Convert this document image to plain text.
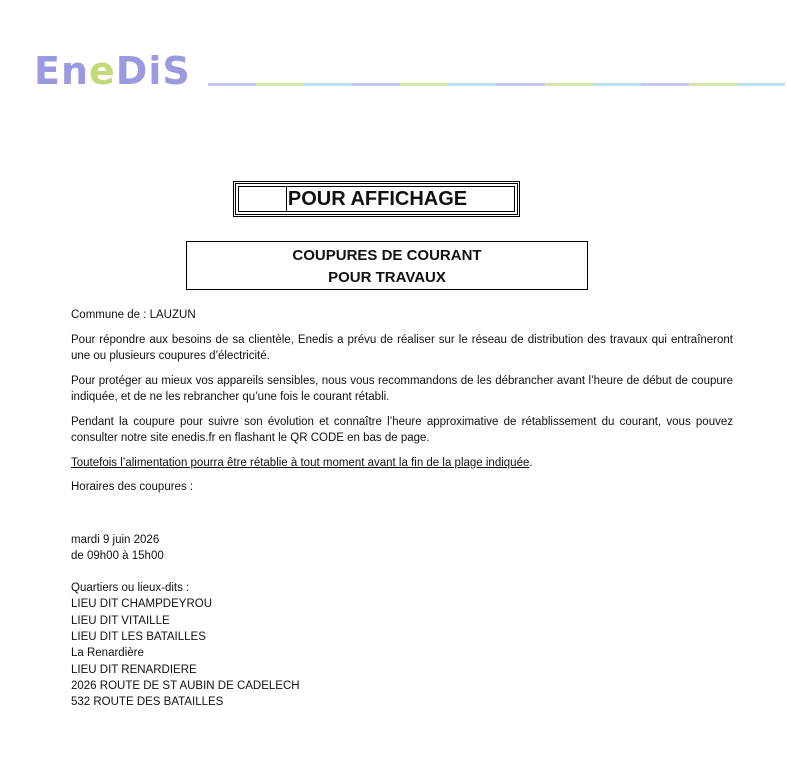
EneDiS
POUR AFFICHAGE
COUPURES DE COURANT
POUR TRAVAUX

Commune de : LAUZUN

Pour répondre aux besoins de sa clientèle, Enedis a prévu de réaliser sur le réseau de distribution des travaux qui entraîneront une ou plusieurs coupures d’électricité.

Pour protéger au mieux vos appareils sensibles, nous vous recommandons de les débrancher avant l’heure de début de coupure indiquée, et de ne les rebrancher qu’une fois le courant rétabli.

Pendant la coupure pour suivre son évolution et connaître l’heure approximative de rétablissement du courant, vous pouvez consulter notre site enedis.fr en flashant le QR CODE en bas de page.

Toutefois l’alimentation pourra être rétablie à tout moment avant la fin de la plage indiquée.

Horaires des coupures :

mardi 9 juin 2026
de 09h00 à 15h00
Quartiers ou lieux-dits :
LIEU DIT CHAMPDEYROU
LIEU DIT VITAILLE
LIEU DIT LES BATAILLES
La Renardière
LIEU DIT RENARDIERE
2026 ROUTE DE ST AUBIN DE CADELECH
532 ROUTE DES BATAILLES
